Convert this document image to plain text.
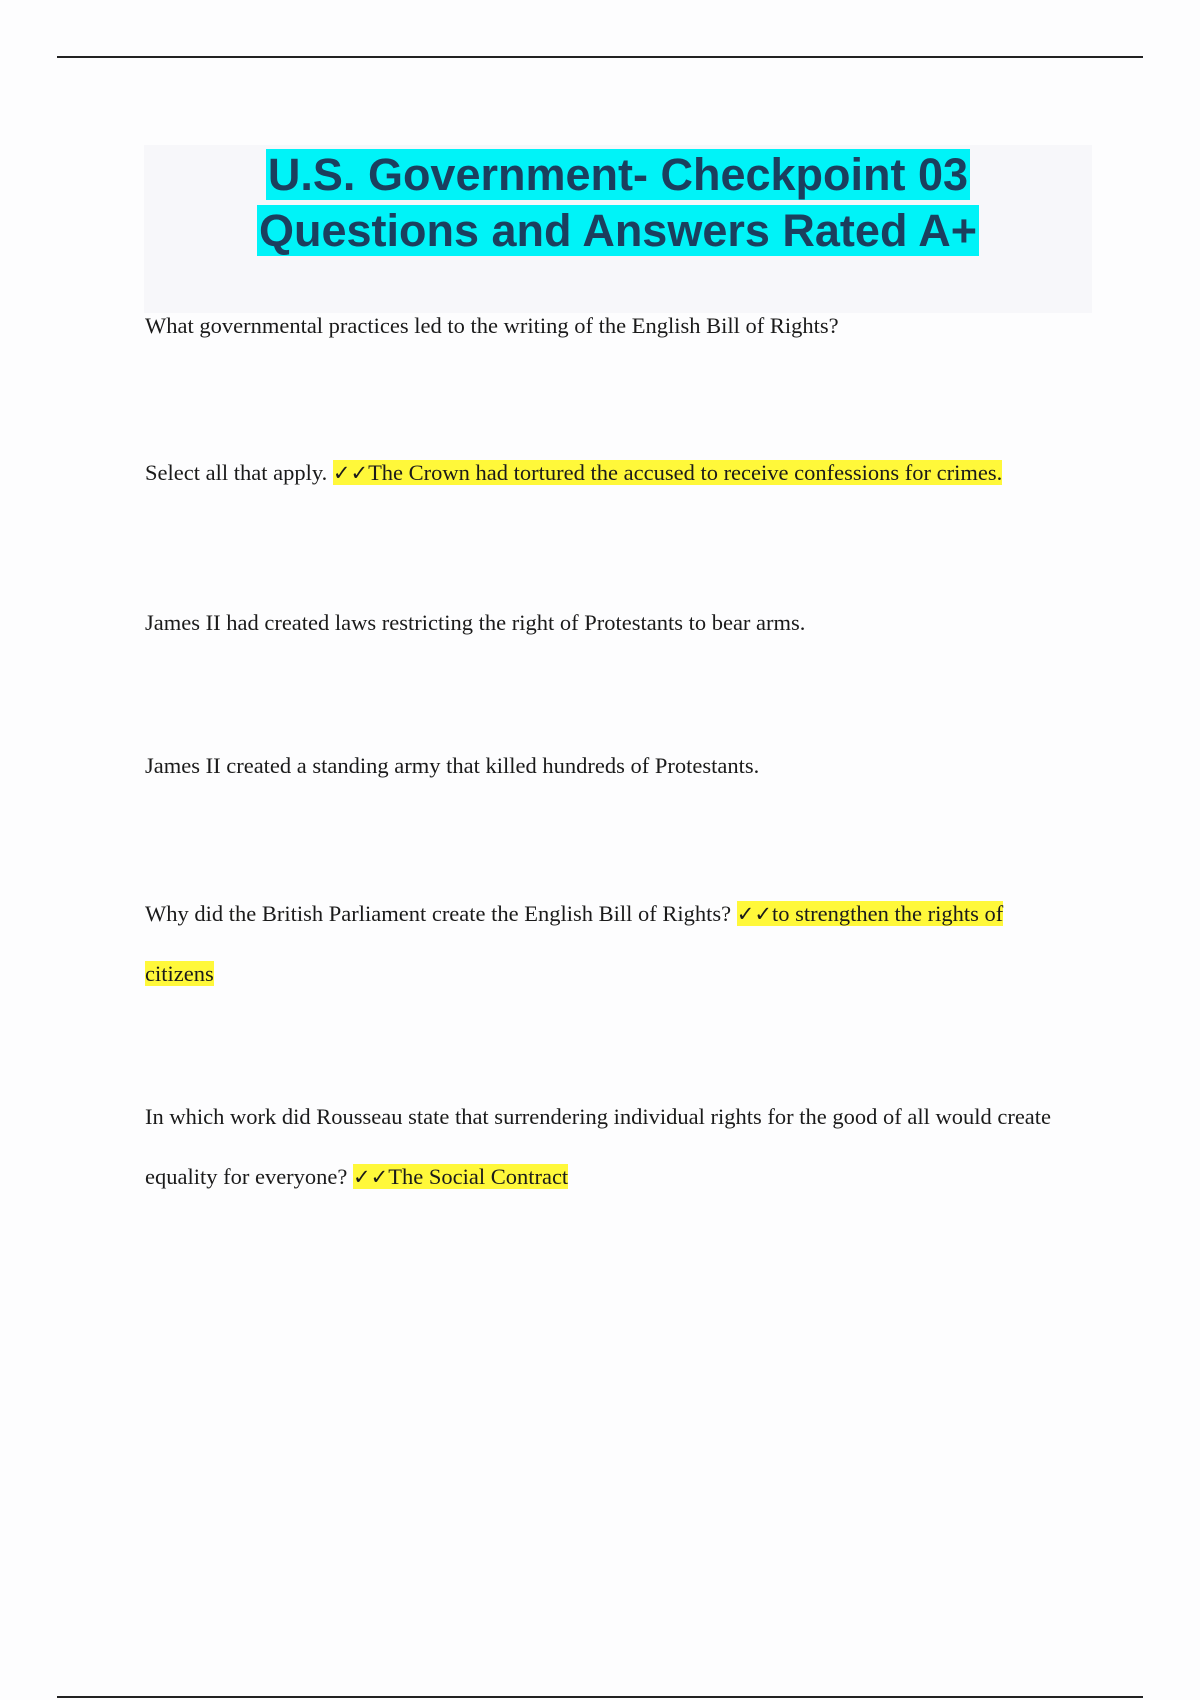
U.S. Government- Checkpoint 03
Questions and Answers Rated A+

What governmental practices led to the writing of the English Bill of Rights?

Select all that apply. ✓✓The Crown had tortured the accused to receive confessions for crimes.

James II had created laws restricting the right of Protestants to bear arms.

James II created a standing army that killed hundreds of Protestants.

Why did the British Parliament create the English Bill of Rights? ✓✓to strengthen the rights of citizens

In which work did Rousseau state that surrendering individual rights for the good of all would create equality for everyone? ✓✓The Social Contract
